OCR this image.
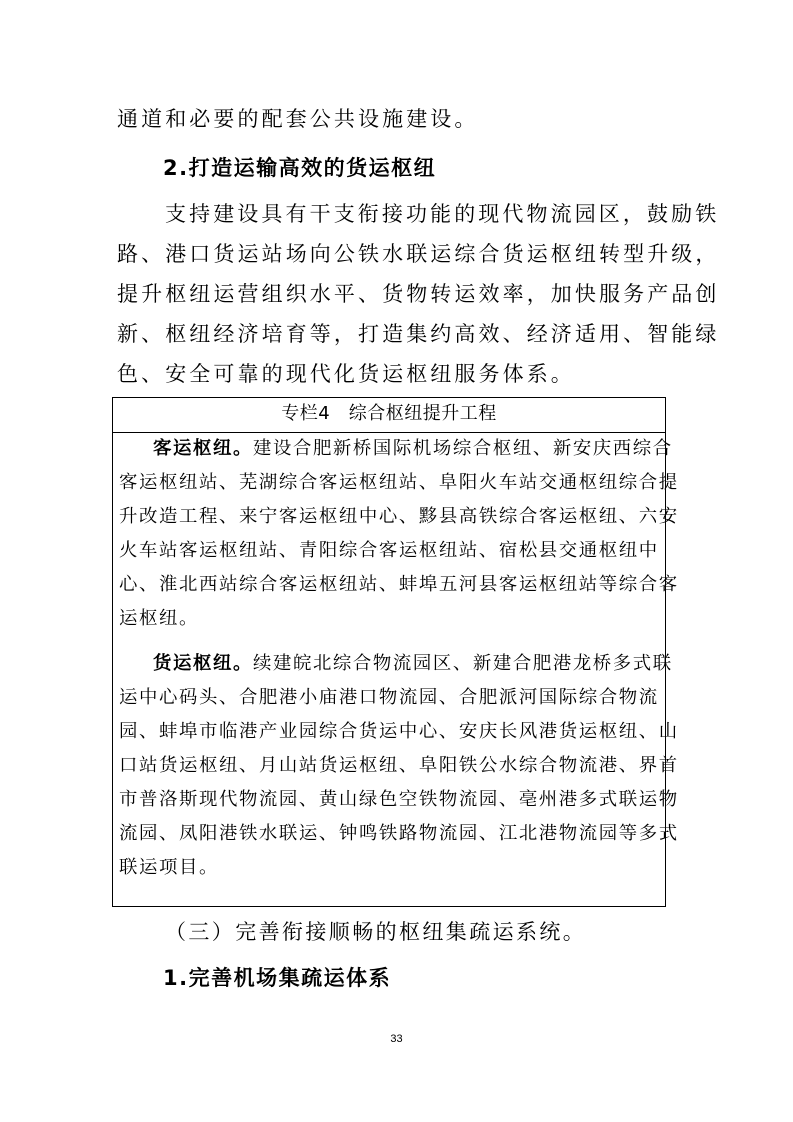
通道和必要的配套公共设施建设。
2.打造运输高效的货运枢纽
支持建设具有干支衔接功能的现代物流园区，鼓励铁
路、港口货运站场向公铁水联运综合货运枢纽转型升级，
提升枢纽运营组织水平、货物转运效率，加快服务产品创
新、枢纽经济培育等，打造集约高效、经济适用、智能绿
专栏4　综合枢纽提升工程
客运枢纽。建设合肥新桥国际机场综合枢纽、新安庆西综合
客运枢纽站、芜湖综合客运枢纽站、阜阳火车站交通枢纽综合提
升改造工程、来宁客运枢纽中心、黟县高铁综合客运枢纽、六安
火车站客运枢纽站、青阳综合客运枢纽站、宿松县交通枢纽中
心、淮北西站综合客运枢纽站、蚌埠五河县客运枢纽站等综合客
运枢纽。
货运枢纽。续建皖北综合物流园区、新建合肥港龙桥多式联
运中心码头、合肥港小庙港口物流园、合肥派河国际综合物流
园、蚌埠市临港产业园综合货运中心、安庆长风港货运枢纽、山
口站货运枢纽、月山站货运枢纽、阜阳铁公水综合物流港、界首
市普洛斯现代物流园、黄山绿色空铁物流园、亳州港多式联运物
流园、凤阳港铁水联运、钟鸣铁路物流园、江北港物流园等多式
联运项目。
（三）完善衔接顺畅的枢纽集疏运系统。
1.完善机场集疏运体系
33
色、安全可靠的现代化货运枢纽服务体系。
